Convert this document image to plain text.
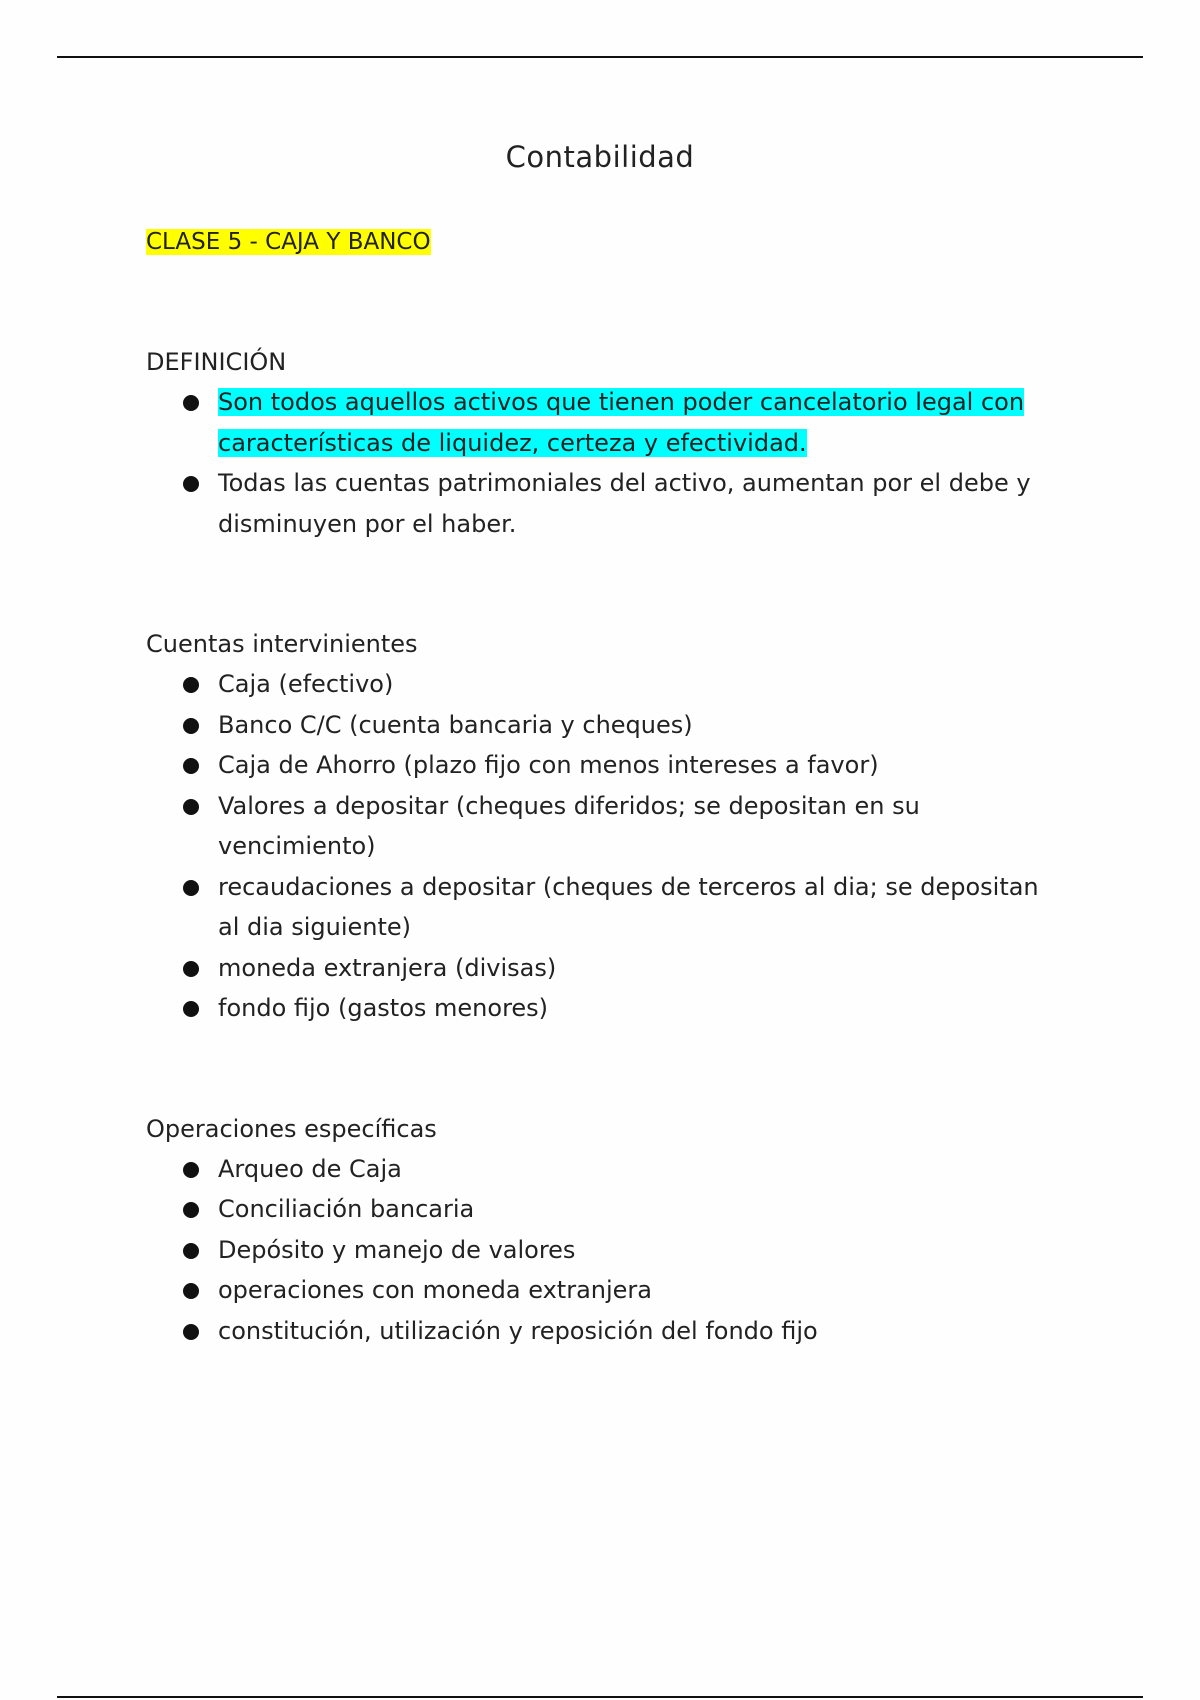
Contabilidad
CLASE 5 - CAJA Y BANCO
DEFINICIÓN
Son todos aquellos activos que tienen poder cancelatorio legal con características de liquidez, certeza y efectividad.
Todas las cuentas patrimoniales del activo, aumentan por el debe y disminuyen por el haber.
Cuentas intervinientes
Caja (efectivo)
Banco C/C (cuenta bancaria y cheques)
Caja de Ahorro (plazo fijo con menos intereses a favor)
Valores a depositar (cheques diferidos; se depositan en su vencimiento)
recaudaciones a depositar (cheques de terceros al dia; se depositan al dia siguiente)
moneda extranjera (divisas)
fondo fijo (gastos menores)
Operaciones específicas
Arqueo de Caja
Conciliación bancaria
Depósito y manejo de valores
operaciones con moneda extranjera
constitución, utilización y reposición del fondo fijo
